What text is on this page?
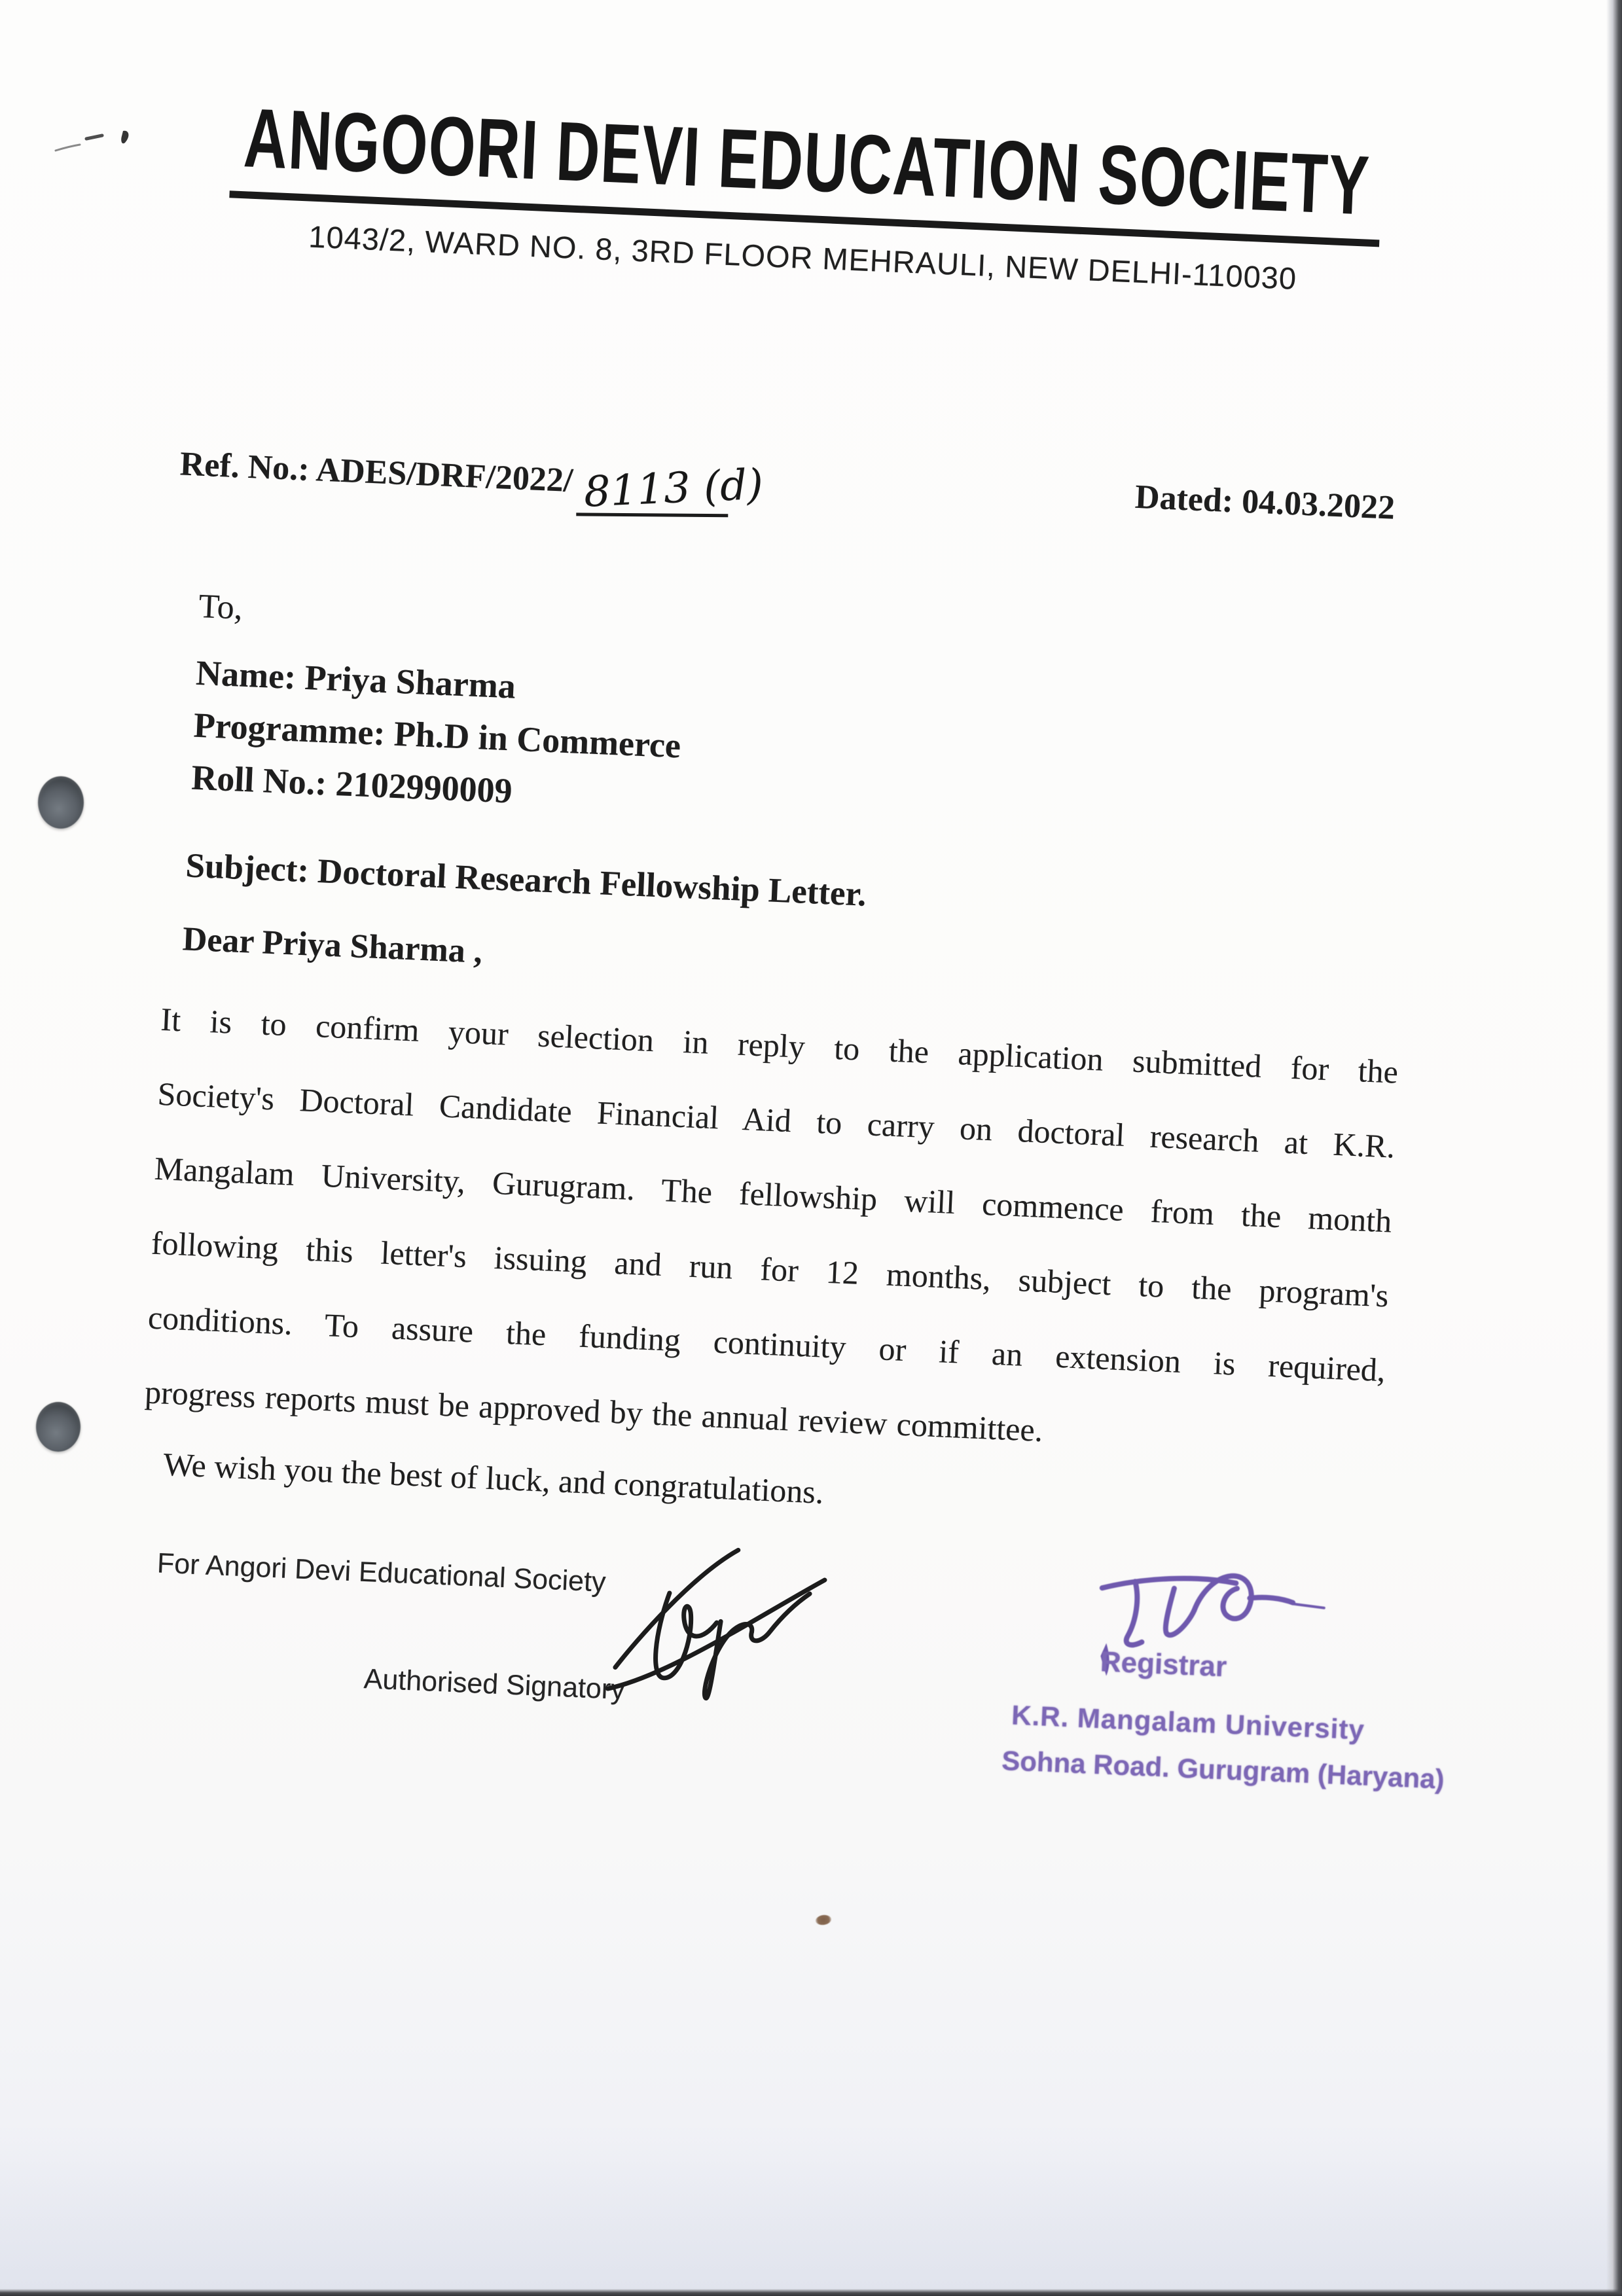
ANGOORI DEVI EDUCATION SOCIETY
1043/2, WARD NO. 8, 3RD FLOOR MEHRAULI, NEW DELHI-110030
Ref. No.: ADES/DRF/2022/ 8113 (d)	Dated: 04.03.2022
To,
Name: Priya Sharma
Programme: Ph.D in Commerce
Roll No.: 2102990009
Subject: Doctoral Research Fellowship Letter.
Dear Priya Sharma ,
It is to confirm your selection in reply to the application submitted for the
Society's Doctoral Candidate Financial Aid to carry on doctoral research at K.R.
Mangalam University, Gurugram. The fellowship will commence from the month
following this letter's issuing and run for 12 months, subject to the program's
conditions. To assure the funding continuity or if an extension is required,
progress reports must be approved by the annual review committee.
We wish you the best of luck, and congratulations.
For Angori Devi Educational Society
Authorised Signatory	Registrar
K.R. Mangalam University
Sohna Road. Gurugram (Haryana)
